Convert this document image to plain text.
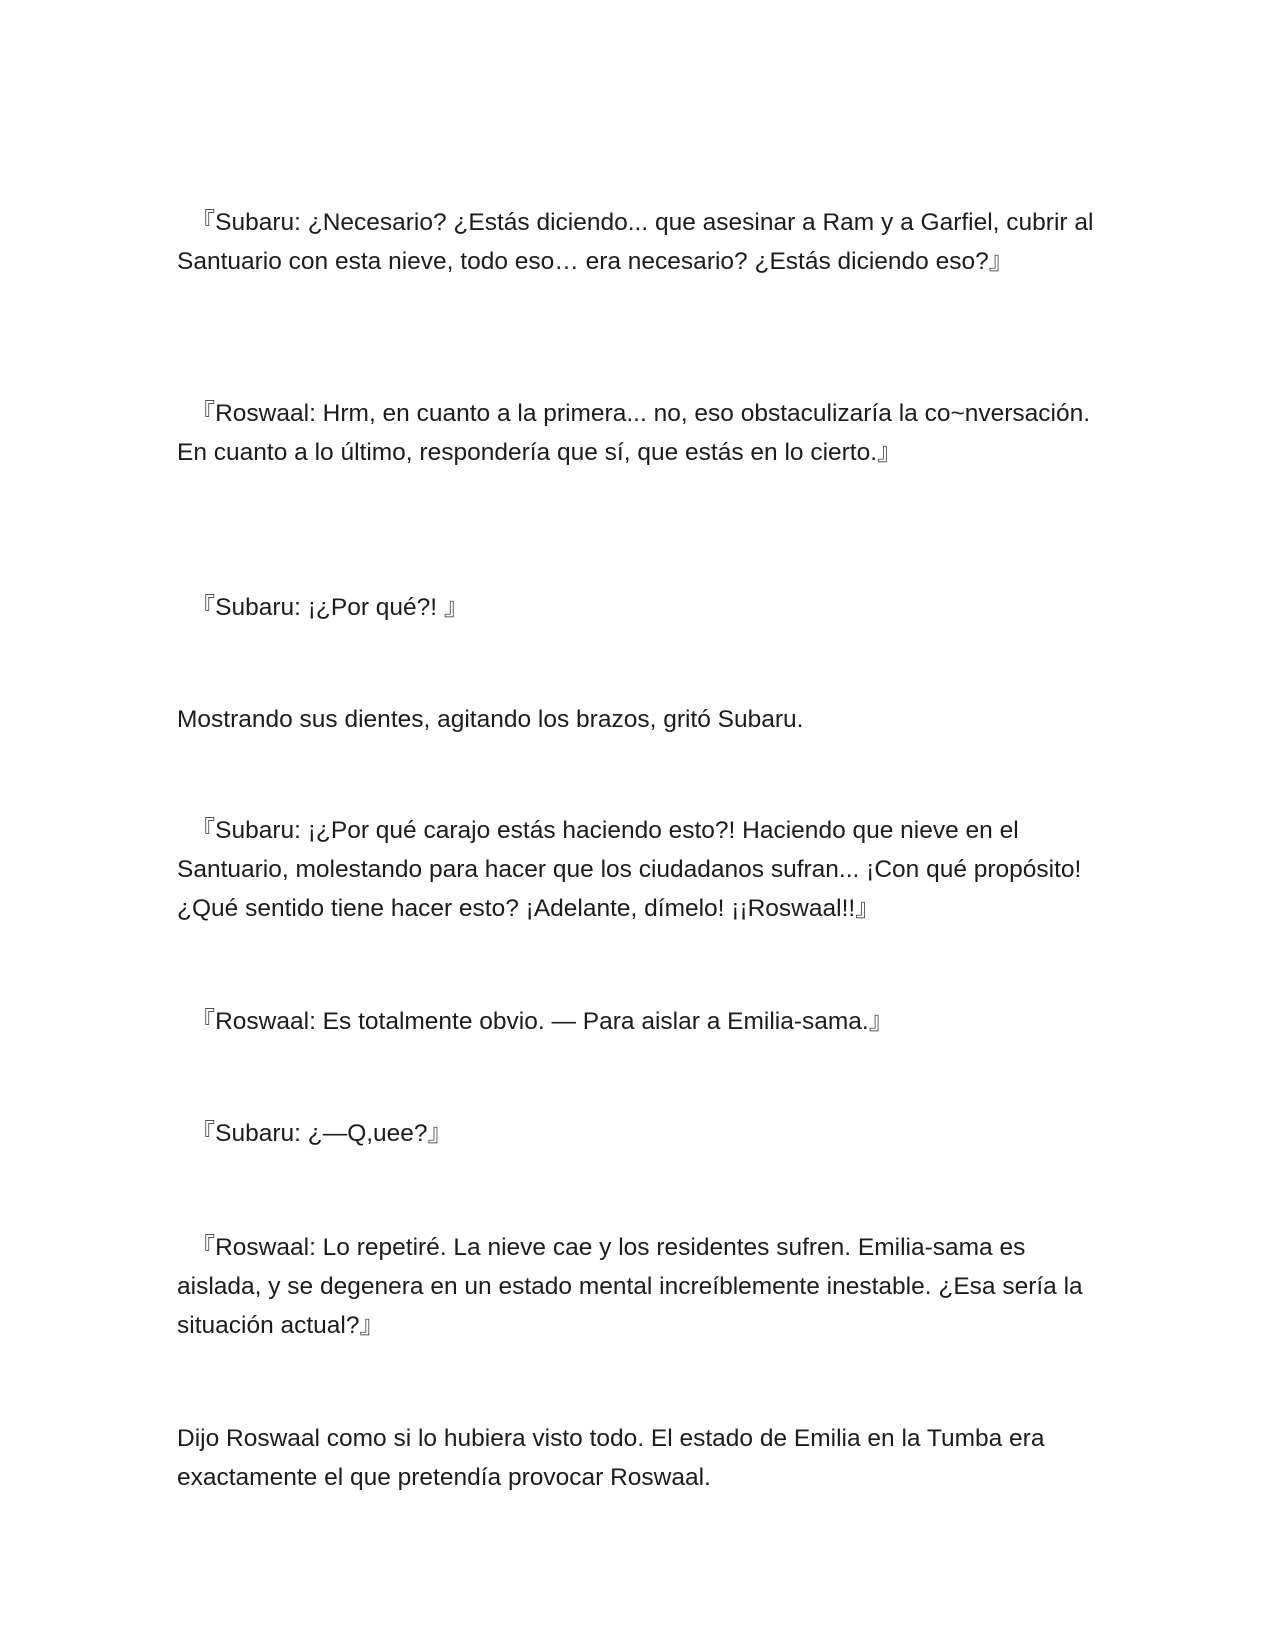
『Subaru: ¿Necesario? ¿Estás diciendo... que asesinar a Ram y a Garfiel, cubrir al Santuario con esta nieve, todo eso… era necesario? ¿Estás diciendo eso?』

『Roswaal: Hrm, en cuanto a la primera... no, eso obstaculizaría la co~nversación. En cuanto a lo último, respondería que sí, que estás en lo cierto.』

『Subaru: ¡¿Por qué?! 』

Mostrando sus dientes, agitando los brazos, gritó Subaru.

『Subaru: ¡¿Por qué carajo estás haciendo esto?! Haciendo que nieve en el Santuario, molestando para hacer que los ciudadanos sufran... ¡Con qué propósito! ¿Qué sentido tiene hacer esto? ¡Adelante, dímelo! ¡¡Roswaal!!』

『Roswaal: Es totalmente obvio. — Para aislar a Emilia-sama.』

『Subaru: ¿—Q,uee?』

『Roswaal: Lo repetiré. La nieve cae y los residentes sufren. Emilia-sama es aislada, y se degenera en un estado mental increíblemente inestable. ¿Esa sería la situación actual?』

Dijo Roswaal como si lo hubiera visto todo. El estado de Emilia en la Tumba era exactamente el que pretendía provocar Roswaal.
